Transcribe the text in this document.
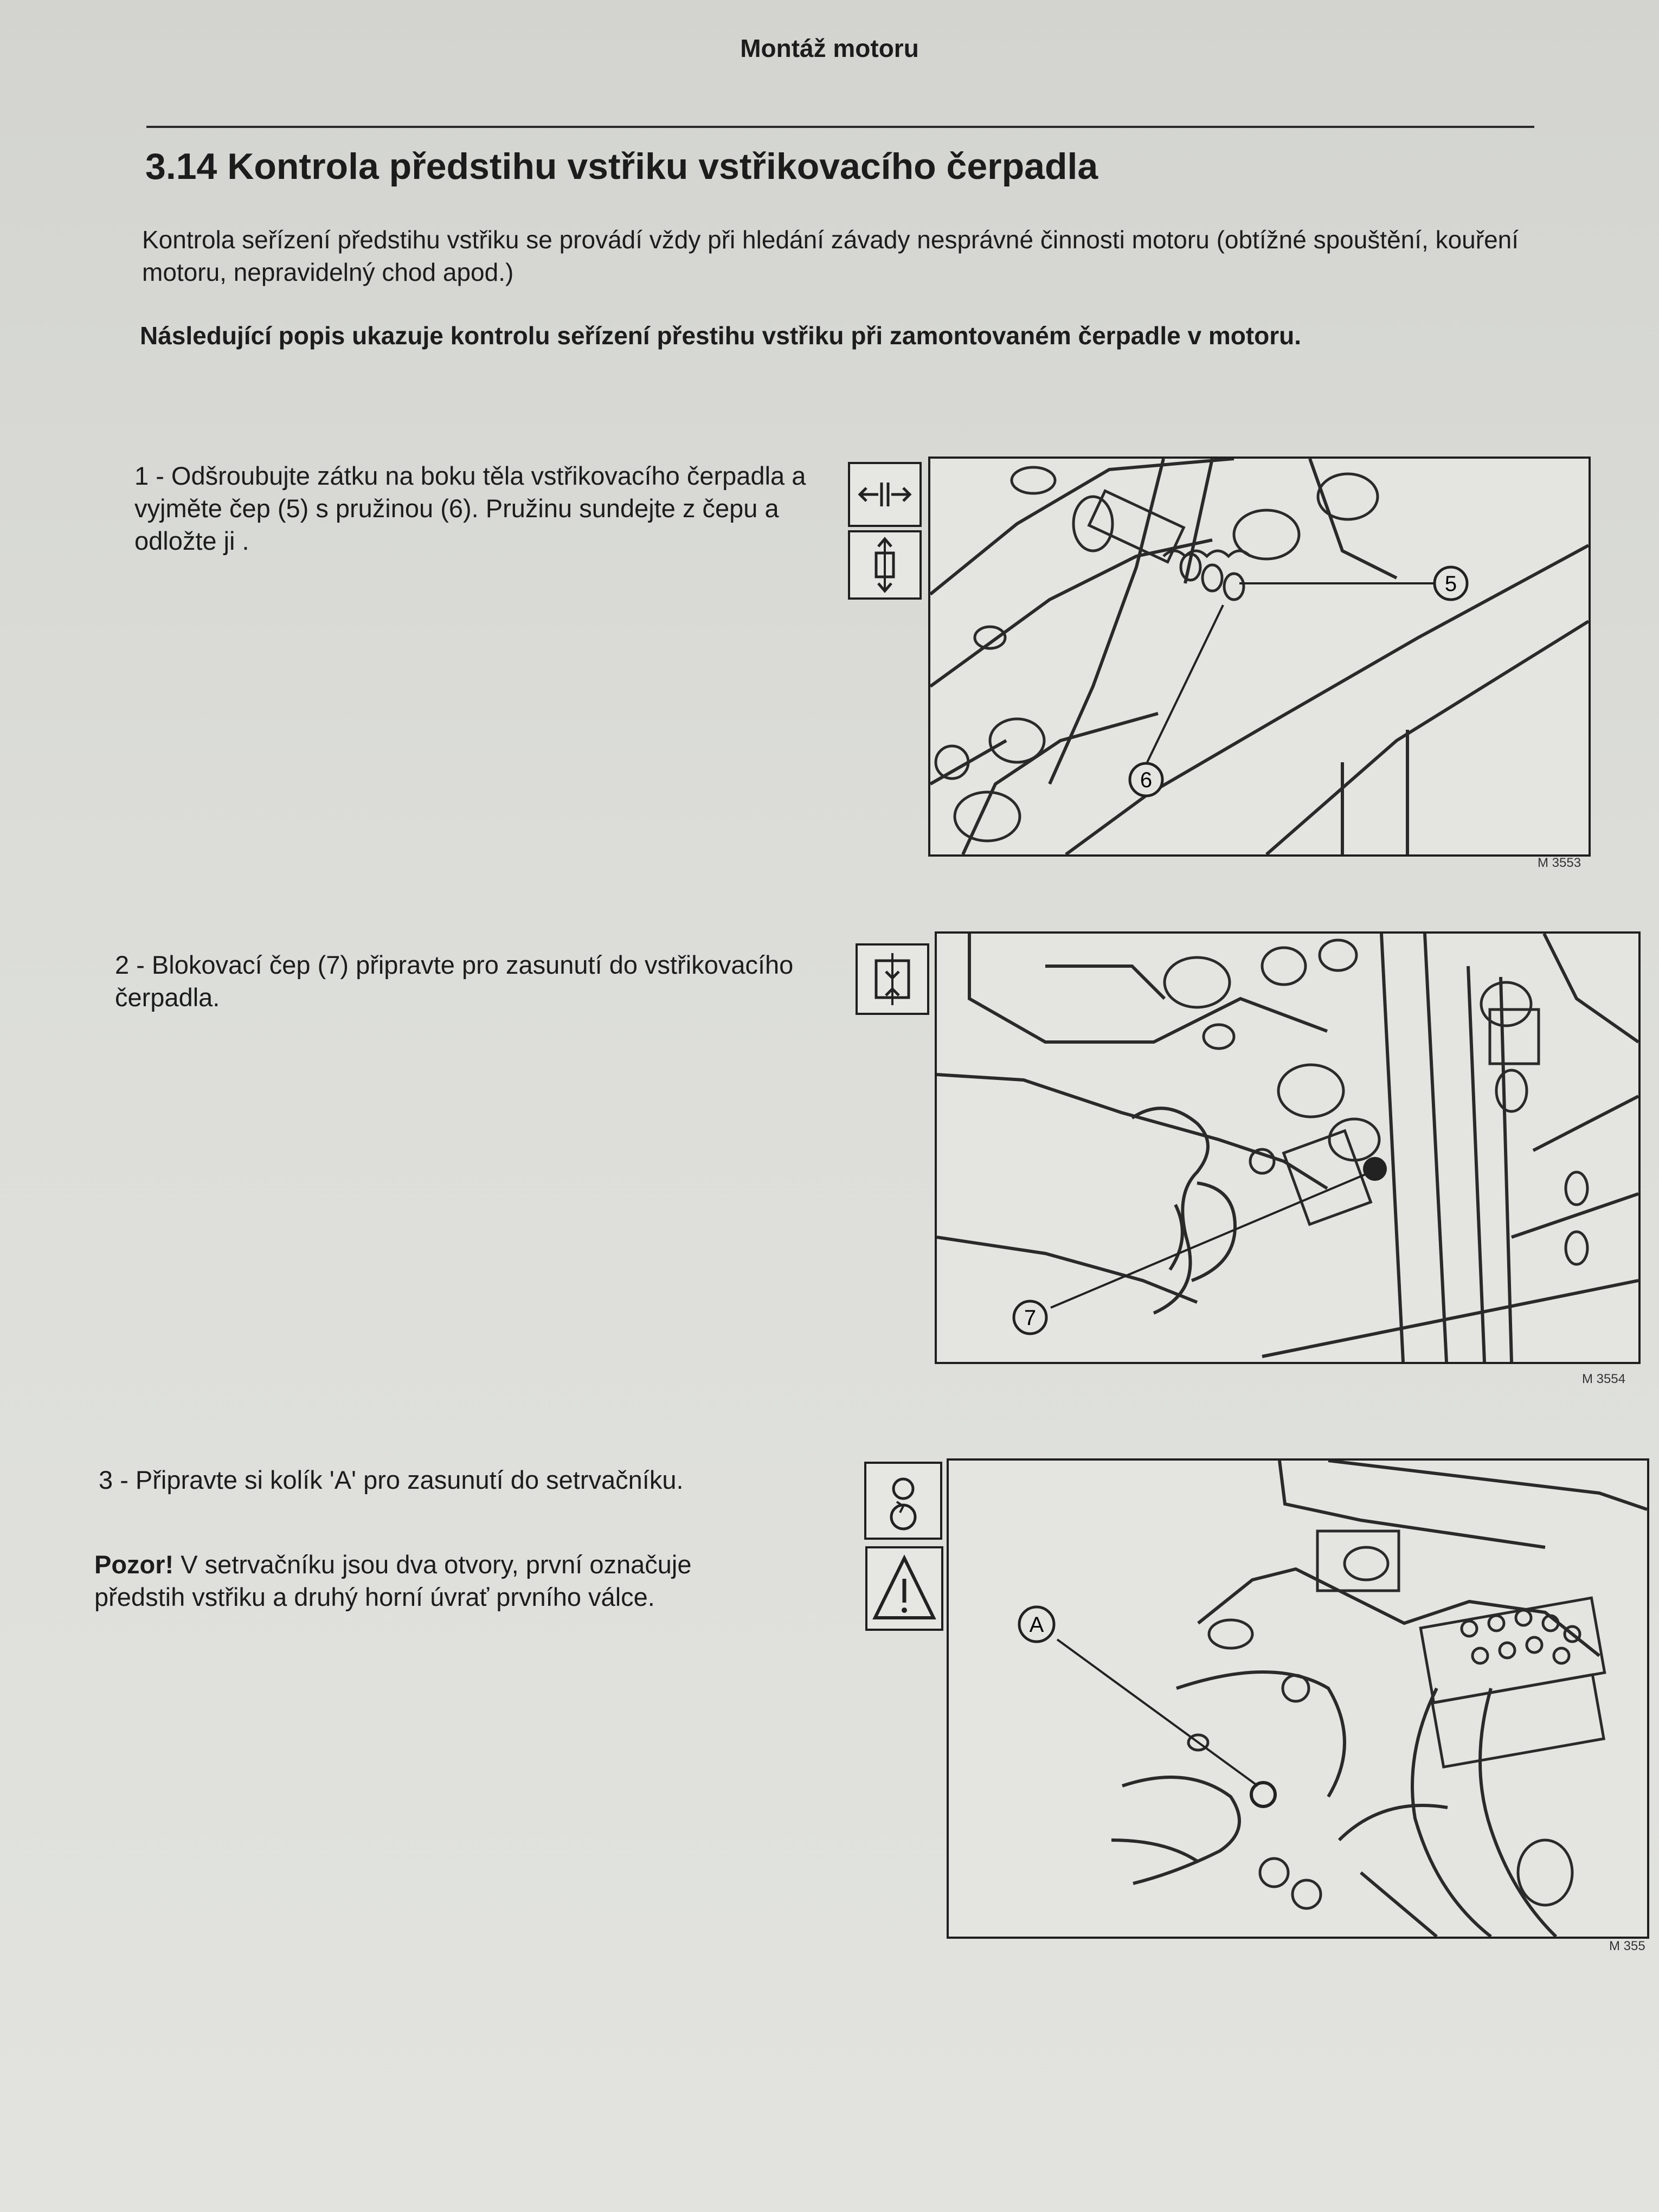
Montáž motoru
3.14 Kontrola předstihu vstřiku vstřikovacího čerpadla
Kontrola seřízení předstihu vstřiku se provádí vždy při hledání závady nesprávné činnosti motoru (obtížné spouštění, kouření motoru, nepravidelný chod apod.)
Následující popis ukazuje kontrolu seřízení přestihu vstřiku při zamontovaném čerpadle v motoru.
1 - Odšroubujte zátku na boku těla vstřikovacího čerpadla a vyjměte čep (5) s pružinou (6). Pružinu sundejte z čepu a odložte ji .
5
6
M 3553
2 - Blokovací čep (7) připravte pro zasunutí do vstřikovacího čerpadla.
7
M 3554
3 - Připravte si kolík 'A' pro zasunutí do setrvačníku.
Pozor! V setrvačníku jsou dva otvory, první označuje předstih vstřiku a druhý horní úvrať prvního válce.
A
M 355
